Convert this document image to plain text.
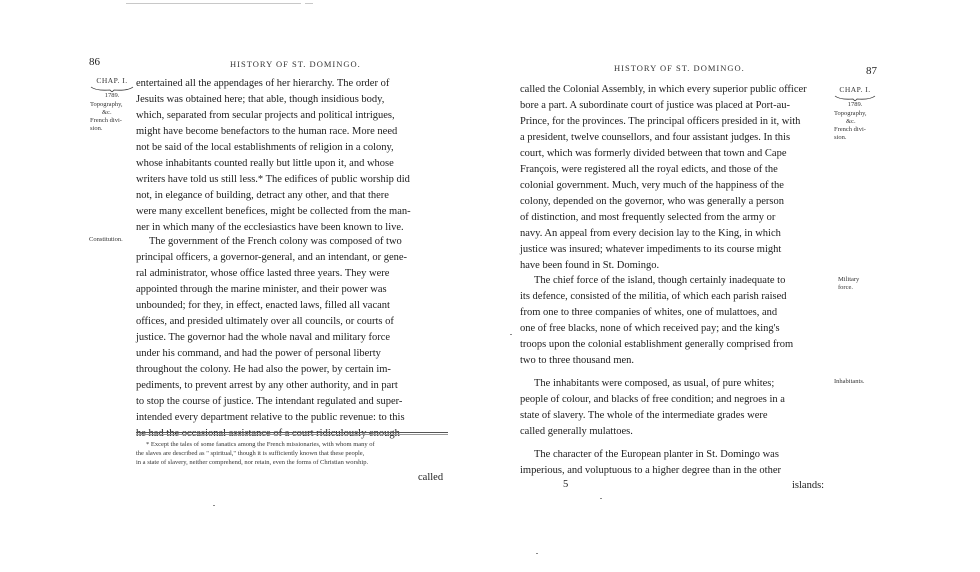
86	HISTORY OF ST. DOMINGO.
CHAP. I.
1789.
Topography,
&c.
French divi-
sion.
Constitution.
entertained all the appendages of her hierarchy. The order of
Jesuits was obtained here; that able, though insidious body,
which, separated from secular projects and political intrigues,
might have become benefactors to the human race. More need
not be said of the local establishments of religion in a colony,
whose inhabitants counted really but little upon it, and whose
writers have told us still less.* The edifices of public worship did
not, in elegance of building, detract any other, and that there
were many excellent benefices, might be collected from the man-
ner in which many of the ecclesiastics have been known to live.
The government of the French colony was composed of two
principal officers, a governor-general, and an intendant, or gene-
ral administrator, whose office lasted three years. They were
appointed through the marine minister, and their power was
unbounded; for they, in effect, enacted laws, filled all vacant
offices, and presided ultimately over all councils, or courts of
justice. The governor had the whole naval and military force
under his command, and had the power of personal liberty
throughout the colony. He had also the power, by certain im-
pediments, to prevent arrest by any other authority, and in part
to stop the course of justice. The intendant regulated and super-
intended every department relative to the public revenue: to this
* Except the tales of some fanatics among the French missionaries, with whom many of
the slaves are described as " spiritual," though it is sufficiently known that these people,
in a state of slavery, neither comprehend, nor retain, even the forms of Christian worship.
called
HISTORY OF ST. DOMINGO.	87
CHAP. I.
1789.
Topography,
&c.
French divi-
sion.
Military
force.
Inhabitants.
called the Colonial Assembly, in which every superior public officer
bore a part. A subordinate court of justice was placed at Port-au-
Prince, for the provinces. The principal officers presided in it, with
a president, twelve counsellors, and four assistant judges. In this
court, which was formerly divided between that town and Cape
François, were registered all the royal edicts, and those of the
colonial government. Much, very much of the happiness of the
colony, depended on the governor, who was generally a person
of distinction, and most frequently selected from the army or
navy. An appeal from every decision lay to the King, in which
justice was insured; whatever impediments to its course might
have been found in St. Domingo.
The chief force of the island, though certainly inadequate to
its defence, consisted of the militia, of which each parish raised
from one to three companies of whites, one of mulattoes, and
one of free blacks, none of which received pay; and the king's
troops upon the colonial establishment generally comprised from
two to three thousand men.
The inhabitants were composed, as usual, of pure whites;
people of colour, and blacks of free condition; and negroes in a
state of slavery. The whole of the intermediate grades were
called generally mulattoes.
The character of the European planter in St. Domingo was
imperious, and voluptuous to a higher degree than in the other
5	islands:
